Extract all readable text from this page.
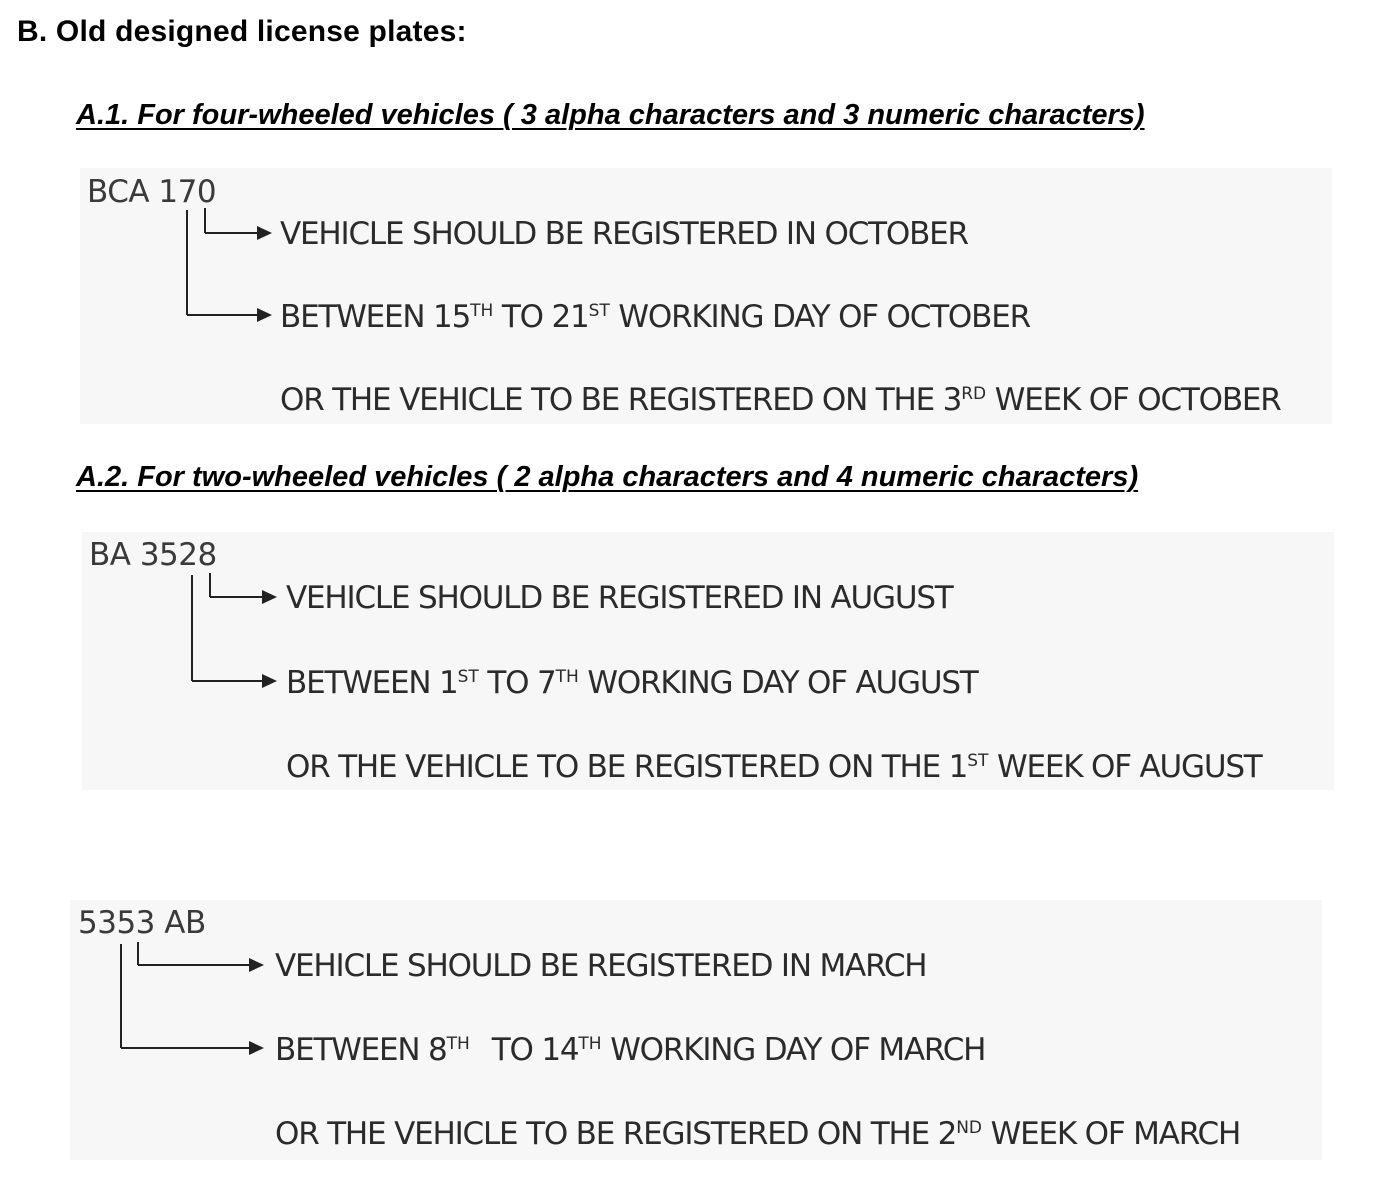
B. Old designed license plates:
A.1. For four-wheeled vehicles ( 3 alpha characters and 3 numeric characters)
BCA 170
VEHICLE SHOULD BE REGISTERED IN OCTOBER
BETWEEN 15TH TO 21ST WORKING DAY OF OCTOBER
OR THE VEHICLE TO BE REGISTERED ON THE 3RD WEEK OF OCTOBER
A.2. For two-wheeled vehicles ( 2 alpha characters and 4 numeric characters)
BA 3528
VEHICLE SHOULD BE REGISTERED IN AUGUST
BETWEEN 1ST TO 7TH WORKING DAY OF AUGUST
OR THE VEHICLE TO BE REGISTERED ON THE 1ST WEEK OF AUGUST
5353 AB
VEHICLE SHOULD BE REGISTERED IN MARCH
BETWEEN 8TH TO 14TH WORKING DAY OF MARCH
OR THE VEHICLE TO BE REGISTERED ON THE 2ND WEEK OF MARCH
